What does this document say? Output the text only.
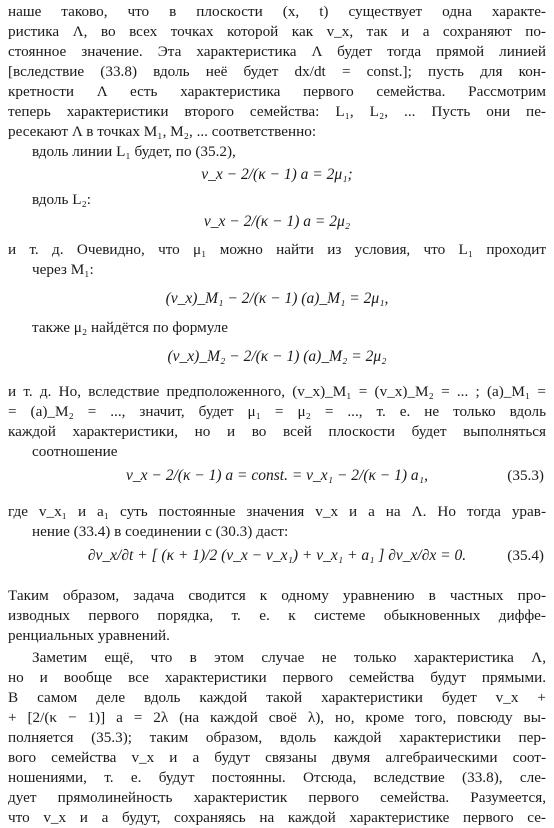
наше таково, что в плоскости (x, t) существует одна характе-
ристика Λ, во всех точках которой как v_x, так и a сохраняют по-
стоянное значение. Эта характеристика Λ будет тогда прямой линией
[вследствие (33.8) вдоль неё будет dx/dt = const.]; пусть для кон-
кретности Λ есть характеристика первого семейства. Рассмотрим
теперь характеристики второго семейства: L₁, L₂, ... Пусть они пе-
ресекают Λ в точках M₁, M₂, ... соответственно:
вдоль линии L₁ будет, по (35.2),
v_x − 2/(κ − 1) a = 2μ₁;
вдоль L₂:
v_x − 2/(κ − 1) a = 2μ₂
и т. д. Очевидно, что μ₁ можно найти из условия, что L₁ проходит
через M₁:
(v_x)_M₁ − 2/(κ − 1) (a)_M₁ = 2μ₁,
также μ₂ найдётся по формуле
(v_x)_M₂ − 2/(κ − 1) (a)_M₂ = 2μ₂
и т. д. Но, вследствие предположенного, (v_x)_M₁ = (v_x)_M₂ = ... ; (a)_M₁ =
= (a)_M₂ = ..., значит, будет μ₁ = μ₂ = ..., т. е. не только вдоль
каждой характеристики, но и во всей плоскости будет выполняться
соотношение
v_x − 2/(κ − 1) a = const. = v_x₁ − 2/(κ − 1) a₁,	(35.3)
где v_x₁ и a₁ суть постоянные значения v_x и a на Λ. Но тогда урав-
нение (33.4) в соединении с (30.3) даст:
∂v_x/∂t + [ (κ + 1)/2 (v_x − v_x₁) + v_x₁ + a₁ ] ∂v_x/∂x = 0.	(35.4)
Таким образом, задача сводится к одному уравнению в частных про-
изводных первого порядка, т. е. к системе обыкновенных диффе-
ренциальных уравнений.
Заметим ещё, что в этом случае не только характеристика Λ,
но и вообще все характеристики первого семейства будут прямыми.
В самом деле вдоль каждой такой характеристики будет v_x +
+ [2/(κ − 1)] a = 2λ (на каждой своё λ), но, кроме того, повсюду вы-
полняется (35.3); таким образом, вдоль каждой характеристики пер-
вого семейства v_x и a будут связаны двумя алгебраическими соот-
ношениями, т. е. будут постоянны. Отсюда, вследствие (33.8), сле-
дует прямолинейность характеристик первого семейства. Разумеется,
что v_x и a будут, сохраняясь на каждой характеристике первого се-
